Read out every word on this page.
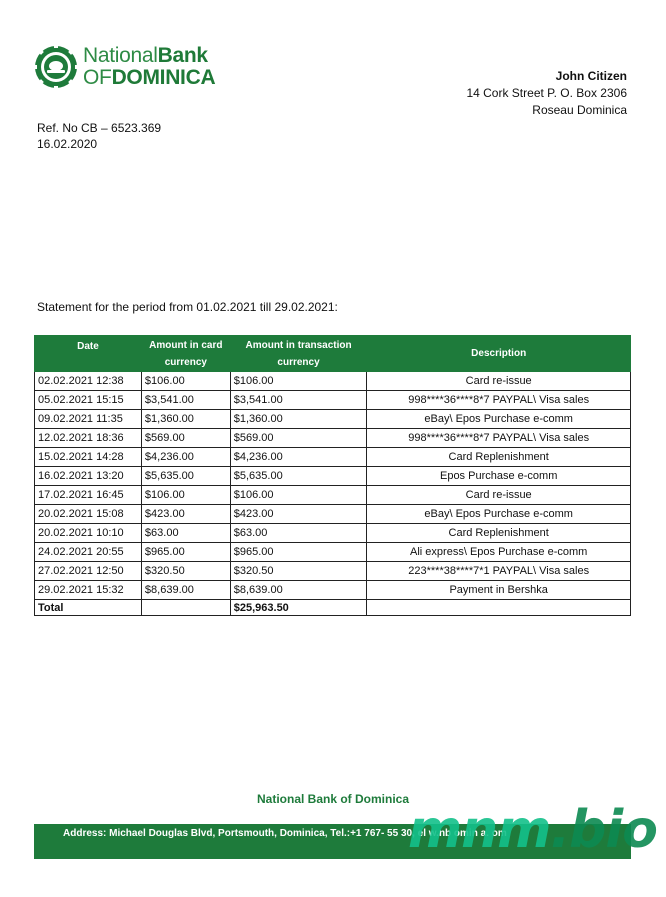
NationalBank
OFDOMINICA	John Citizen
14 Cork Street P. O. Box 2306
Roseau Dominica
Ref. No CB – 6523.369
16.02.2020
Statement for the period from 01.02.2021 till 29.02.2021:
Date	Amount in card currency	Amount in transaction currency	Description
02.02.2021 12:38	$106.00	$106.00	Card re-issue
05.02.2021 15:15	$3,541.00	$3,541.00	998****36****8*7 PAYPAL\ Visa sales
09.02.2021 11:35	$1,360.00	$1,360.00	eBay\ Epos Purchase e-comm
12.02.2021 18:36	$569.00	$569.00	998****36****8*7 PAYPAL\ Visa sales
15.02.2021 14:28	$4,236.00	$4,236.00	Card Replenishment
16.02.2021 13:20	$5,635.00	$5,635.00	Epos Purchase e-comm
17.02.2021 16:45	$106.00	$106.00	Card re-issue
20.02.2021 15:08	$423.00	$423.00	eBay\ Epos Purchase e-comm
20.02.2021 10:10	$63.00	$63.00	Card Replenishment
24.02.2021 20:55	$965.00	$965.00	Ali express\ Epos Purchase e-comm
27.02.2021 12:50	$320.50	$320.50	223****38****7*1 PAYPAL\ Visa sales
29.02.2021 15:32	$8,639.00	$8,639.00	Payment in Bershka
Total		$25,963.50	
National Bank of Dominica
Address: Michael Douglas Blvd, Portsmouth, Dominica, Tel.:+1 767- 55 30, el w.nb omin a. om
mnm.bio
